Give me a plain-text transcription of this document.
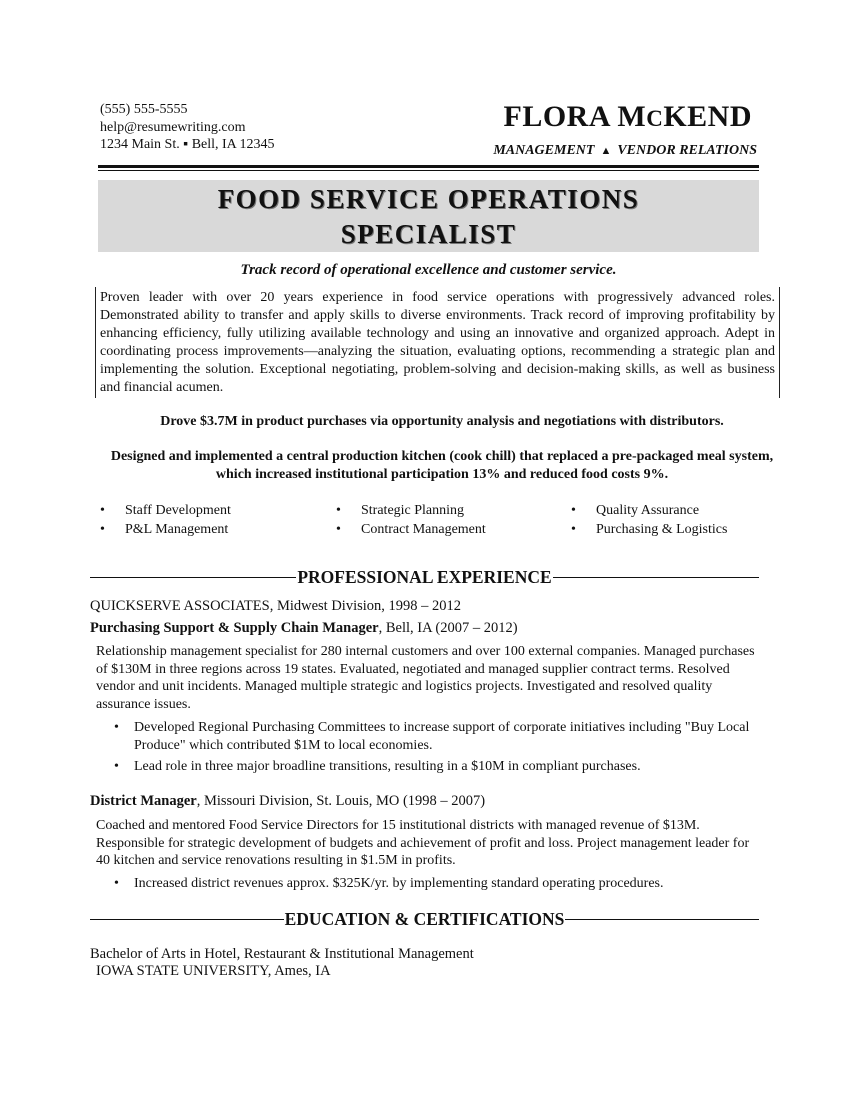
(555) 555-5555
help@resumewriting.com
1234 Main St. ▪ Bell, IA 12345
FLORA MCKEND
MANAGEMENT ▲ VENDOR RELATIONS
FOOD SERVICE OPERATIONS
SPECIALIST
Track record of operational excellence and customer service.
Proven leader with over 20 years experience in food service operations with progressively advanced roles. Demonstrated ability to transfer and apply skills to diverse environments. Track record of improving profitability by enhancing efficiency, fully utilizing available technology and using an innovative and organized approach. Adept in coordinating process improvements—analyzing the situation, evaluating options, recommending a strategic plan and implementing the solution. Exceptional negotiating, problem-solving and decision-making skills, as well as business and financial acumen.
Drove $3.7M in product purchases via opportunity analysis and negotiations with distributors.
Designed and implemented a central production kitchen (cook chill) that replaced a pre-packaged meal system, which increased institutional participation 13% and reduced food costs 9%.
• Staff Development
• P&L Management
• Strategic Planning
• Contract Management
• Quality Assurance
• Purchasing & Logistics
PROFESSIONAL EXPERIENCE
QUICKSERVE ASSOCIATES, Midwest Division, 1998 – 2012
Purchasing Support & Supply Chain Manager, Bell, IA (2007 – 2012)
Relationship management specialist for 280 internal customers and over 100 external companies. Managed purchases of $130M in three regions across 19 states. Evaluated, negotiated and managed supplier contract terms. Resolved vendor and unit incidents. Managed multiple strategic and logistics projects. Investigated and resolved quality assurance issues.
• Developed Regional Purchasing Committees to increase support of corporate initiatives including "Buy Local Produce" which contributed $1M to local economies.
• Lead role in three major broadline transitions, resulting in a $10M in compliant purchases.
District Manager, Missouri Division, St. Louis, MO (1998 – 2007)
Coached and mentored Food Service Directors for 15 institutional districts with managed revenue of $13M. Responsible for strategic development of budgets and achievement of profit and loss. Project management leader for 40 kitchen and service renovations resulting in $1.5M in profits.
• Increased district revenues approx. $325K/yr. by implementing standard operating procedures.
EDUCATION & CERTIFICATIONS
Bachelor of Arts in Hotel, Restaurant & Institutional Management
IOWA STATE UNIVERSITY, Ames, IA
